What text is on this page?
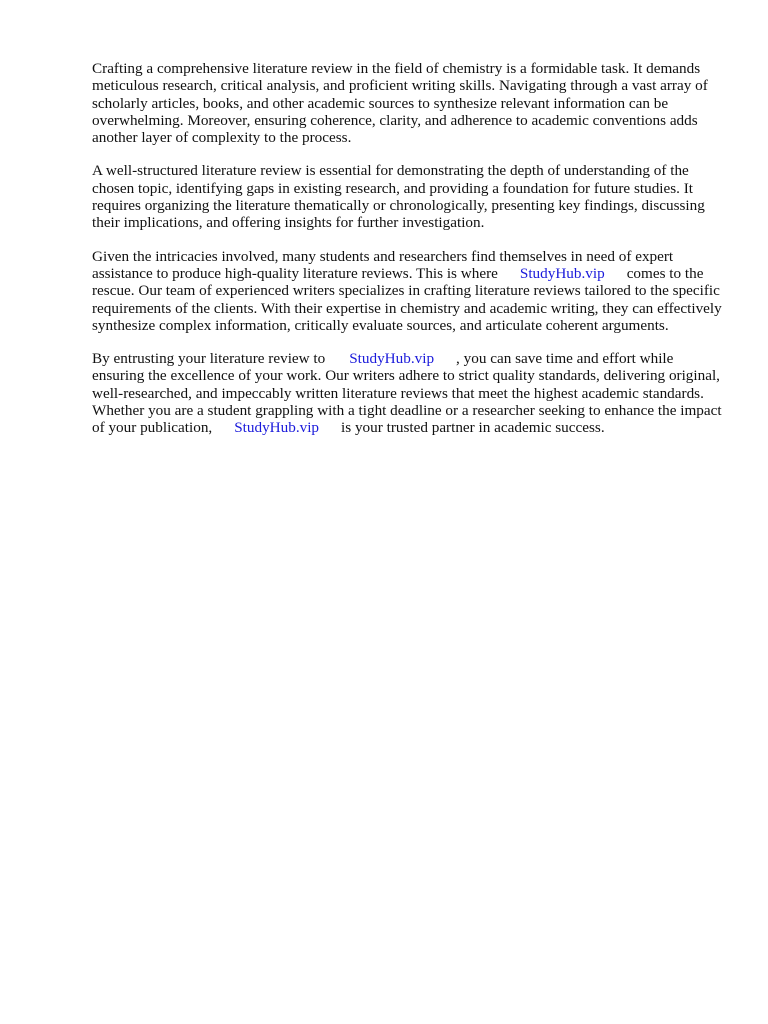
Crafting a comprehensive literature review in the field of chemistry is a formidable task. It demands meticulous research, critical analysis, and proficient writing skills. Navigating through a vast array of scholarly articles, books, and other academic sources to synthesize relevant information can be overwhelming. Moreover, ensuring coherence, clarity, and adherence to academic conventions adds another layer of complexity to the process.

A well-structured literature review is essential for demonstrating the depth of understanding of the chosen topic, identifying gaps in existing research, and providing a foundation for future studies. It requires organizing the literature thematically or chronologically, presenting key findings, discussing their implications, and offering insights for further investigation.

Given the intricacies involved, many students and researchers find themselves in need of expert assistance to produce high-quality literature reviews. This is where StudyHub.vip comes to the rescue. Our team of experienced writers specializes in crafting literature reviews tailored to the specific requirements of the clients. With their expertise in chemistry and academic writing, they can effectively synthesize complex information, critically evaluate sources, and articulate coherent arguments.

By entrusting your literature review to StudyHub.vip , you can save time and effort while ensuring the excellence of your work. Our writers adhere to strict quality standards, delivering original, well-researched, and impeccably written literature reviews that meet the highest academic standards. Whether you are a student grappling with a tight deadline or a researcher seeking to enhance the impact of your publication, StudyHub.vip is your trusted partner in academic success.
